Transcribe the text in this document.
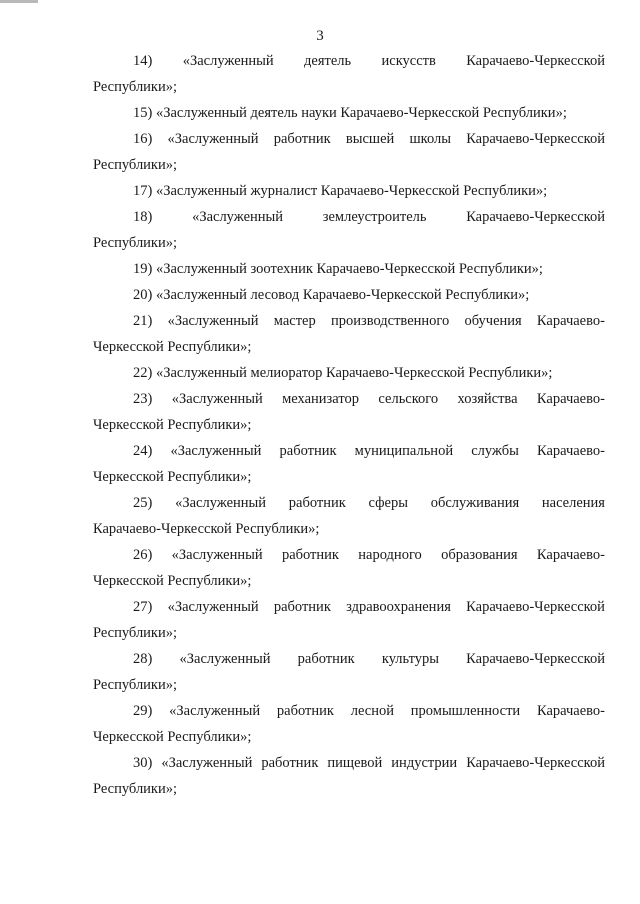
3
14) «Заслуженный деятель искусств Карачаево-Черкесской
Республики»;
15) «Заслуженный деятель науки Карачаево-Черкесской Республики»;
16) «Заслуженный работник высшей школы Карачаево-Черкесской
Республики»;
17) «Заслуженный журналист Карачаево-Черкесской Республики»;
18)	«Заслуженный	землеустроитель	Карачаево-Черкесской
Республики»;
19) «Заслуженный зоотехник Карачаево-Черкесской Республики»;
20) «Заслуженный лесовод Карачаево-Черкесской Республики»;
21) «Заслуженный мастер производственного обучения Карачаево-
Черкесской Республики»;
22) «Заслуженный мелиоратор Карачаево-Черкесской Республики»;
23) «Заслуженный механизатор сельского хозяйства Карачаево-
Черкесской Республики»;
24) «Заслуженный работник муниципальной службы Карачаево-
Черкесской Республики»;
25) «Заслуженный работник сферы обслуживания населения
Карачаево-Черкесской Республики»;
26) «Заслуженный работник народного образования Карачаево-
Черкесской Республики»;
27) «Заслуженный работник здравоохранения Карачаево-Черкесской
Республики»;
28) «Заслуженный работник культуры Карачаево-Черкесской
Республики»;
29) «Заслуженный работник лесной промышленности Карачаево-
Черкесской Республики»;
30) «Заслуженный работник пищевой индустрии Карачаево-Черкесской
Республики»;
